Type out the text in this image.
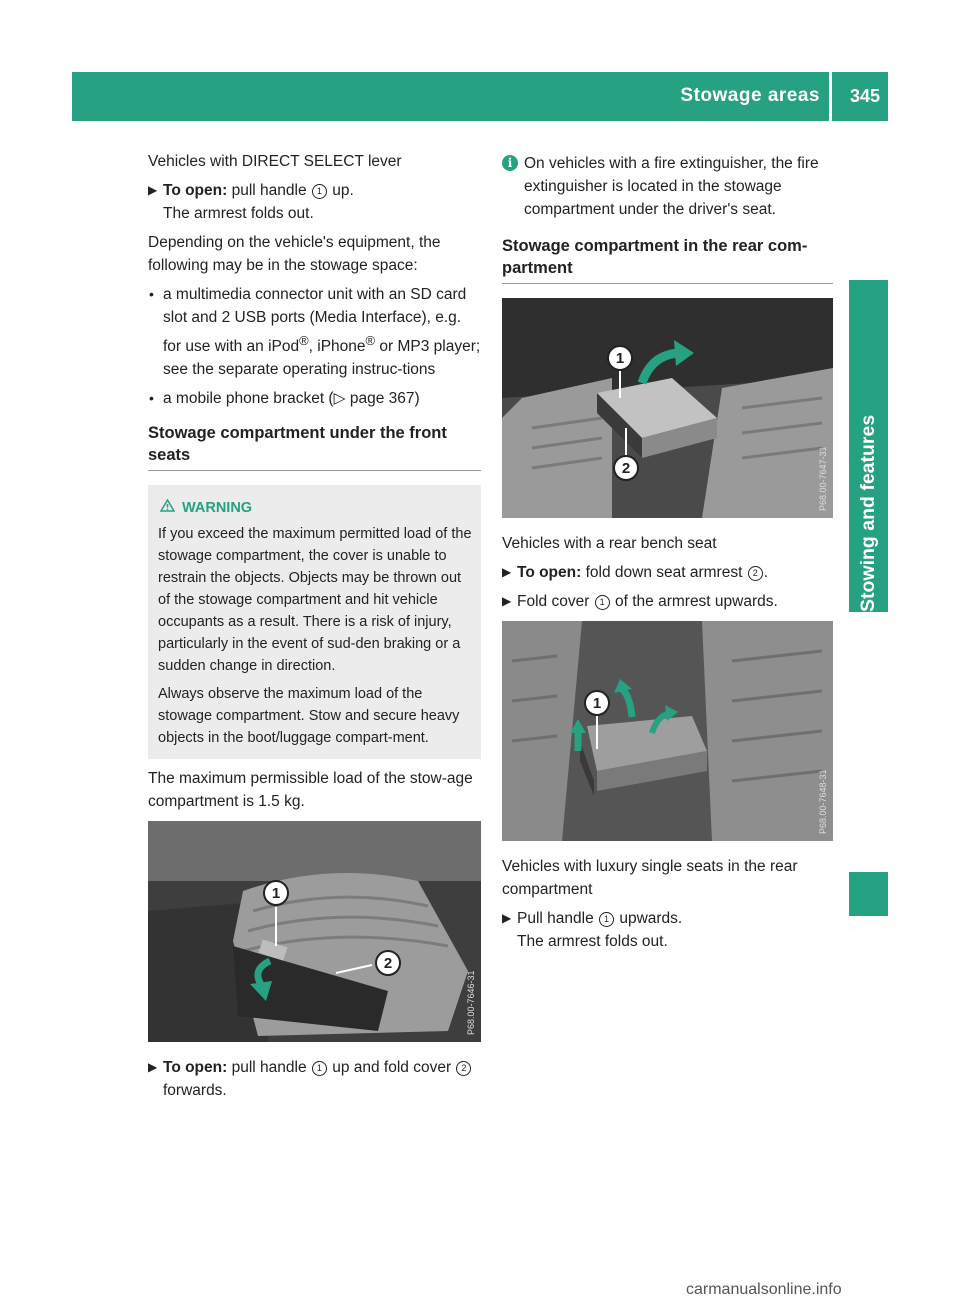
Stowage areas 345
Stowing and features

Vehicles with DIRECT SELECT lever

▶ To open: pull handle 1 up.
The armrest folds out.

Depending on the vehicle's equipment, the following may be in the stowage space:

• a multimedia connector unit with an SD card slot and 2 USB ports (Media Interface), e.g. for use with an iPod®, iPhone® or MP3 player; see the separate operating instruc-tions
• a mobile phone bracket (▷ page 367)
Stowage compartment under the front seats
WARNING

If you exceed the maximum permitted load of the stowage compartment, the cover is unable to restrain the objects. Objects may be thrown out of the stowage compartment and hit vehicle occupants as a result. There is a risk of injury, particularly in the event of sud-den braking or a sudden change in direction.

Always observe the maximum load of the stowage compartment. Stow and secure heavy objects in the boot/luggage compart-ment.

The maximum permissible load of the stow-age compartment is 1.5 kg.

1
2
P68.00-7646-31
▶ To open: pull handle 1 up and fold cover 2 forwards.
i On vehicles with a fire extinguisher, the fire extinguisher is located in the stowage compartment under the driver's seat.
Stowage compartment in the rear com-partment
1
2	P68.00-7647-31

Vehicles with a rear bench seat

▶ To open: fold down seat armrest 2 .
▶ Fold cover 1 of the armrest upwards.
1
P68.00-7648-31

Vehicles with luxury single seats in the rear compartment

▶ Pull handle 1 upwards.
The armrest folds out.
carmanualsonline.info
